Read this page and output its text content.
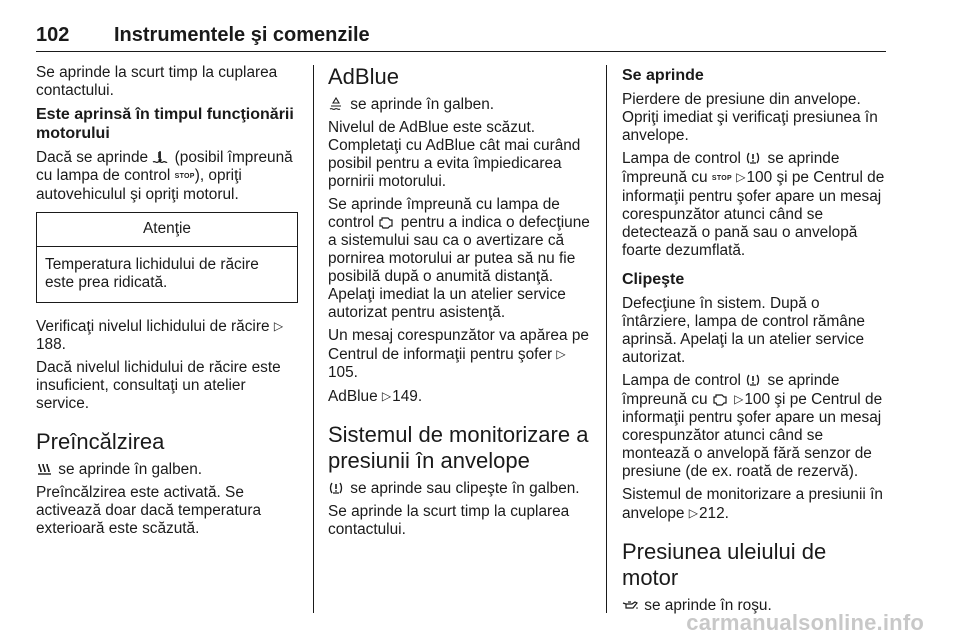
102 Instrumentele şi comenzile

Se aprinde la scurt timp la cuplarea contactului.

Este aprinsă în timpul funcţionării motorului

Dacă se aprinde (posibil împreună cu lampa de control STOP), opriţi autovehiculul şi opriţi motorul.

Atenţie
Temperatura lichidului de răcire este prea ridicată.

Verificaţi nivelul lichidului de răcire ▷188.

Dacă nivelul lichidului de răcire este insuficient, consultaţi un atelier service.

Preîncălzirea

se aprinde în galben.

Preîncălzirea este activată. Se activează doar dacă temperatura exterioară este scăzută.

AdBlue

se aprinde în galben.

Nivelul de AdBlue este scăzut. Completaţi cu AdBlue cât mai curând posibil pentru a evita împiedicarea pornirii motorului.

Se aprinde împreună cu lampa de control pentru a indica o defecţiune a sistemului sau ca o avertizare că pornirea motorului ar putea să nu fie posibilă după o anumită distanţă. Apelaţi imediat la un atelier service autorizat pentru asistenţă.

Un mesaj corespunzător va apărea pe Centrul de informaţii pentru şofer ▷105.

AdBlue ▷149.

Sistemul de monitorizare a presiunii în anvelope

se aprinde sau clipeşte în galben.

Se aprinde la scurt timp la cuplarea contactului.

Se aprinde

Pierdere de presiune din anvelope. Opriţi imediat şi verificaţi presiunea în anvelope.

Lampa de control se aprinde împreună cu STOP ▷100 şi pe Centrul de informaţii pentru şofer apare un mesaj corespunzător atunci când se detectează o pană sau o anvelopă foarte dezumflată.

Clipeşte

Defecţiune în sistem. După o întârziere, lampa de control rămâne aprinsă. Apelaţi la un atelier service autorizat.

Lampa de control se aprinde împreună cu ▷100 şi pe Centrul de informaţii pentru şofer apare un mesaj corespunzător atunci când se montează o anvelopă fără senzor de presiune (de ex. roată de rezervă).

Sistemul de monitorizare a presiunii în anvelope ▷212.

Presiunea uleiului de motor

se aprinde în roşu.

carmanualsonline.info
